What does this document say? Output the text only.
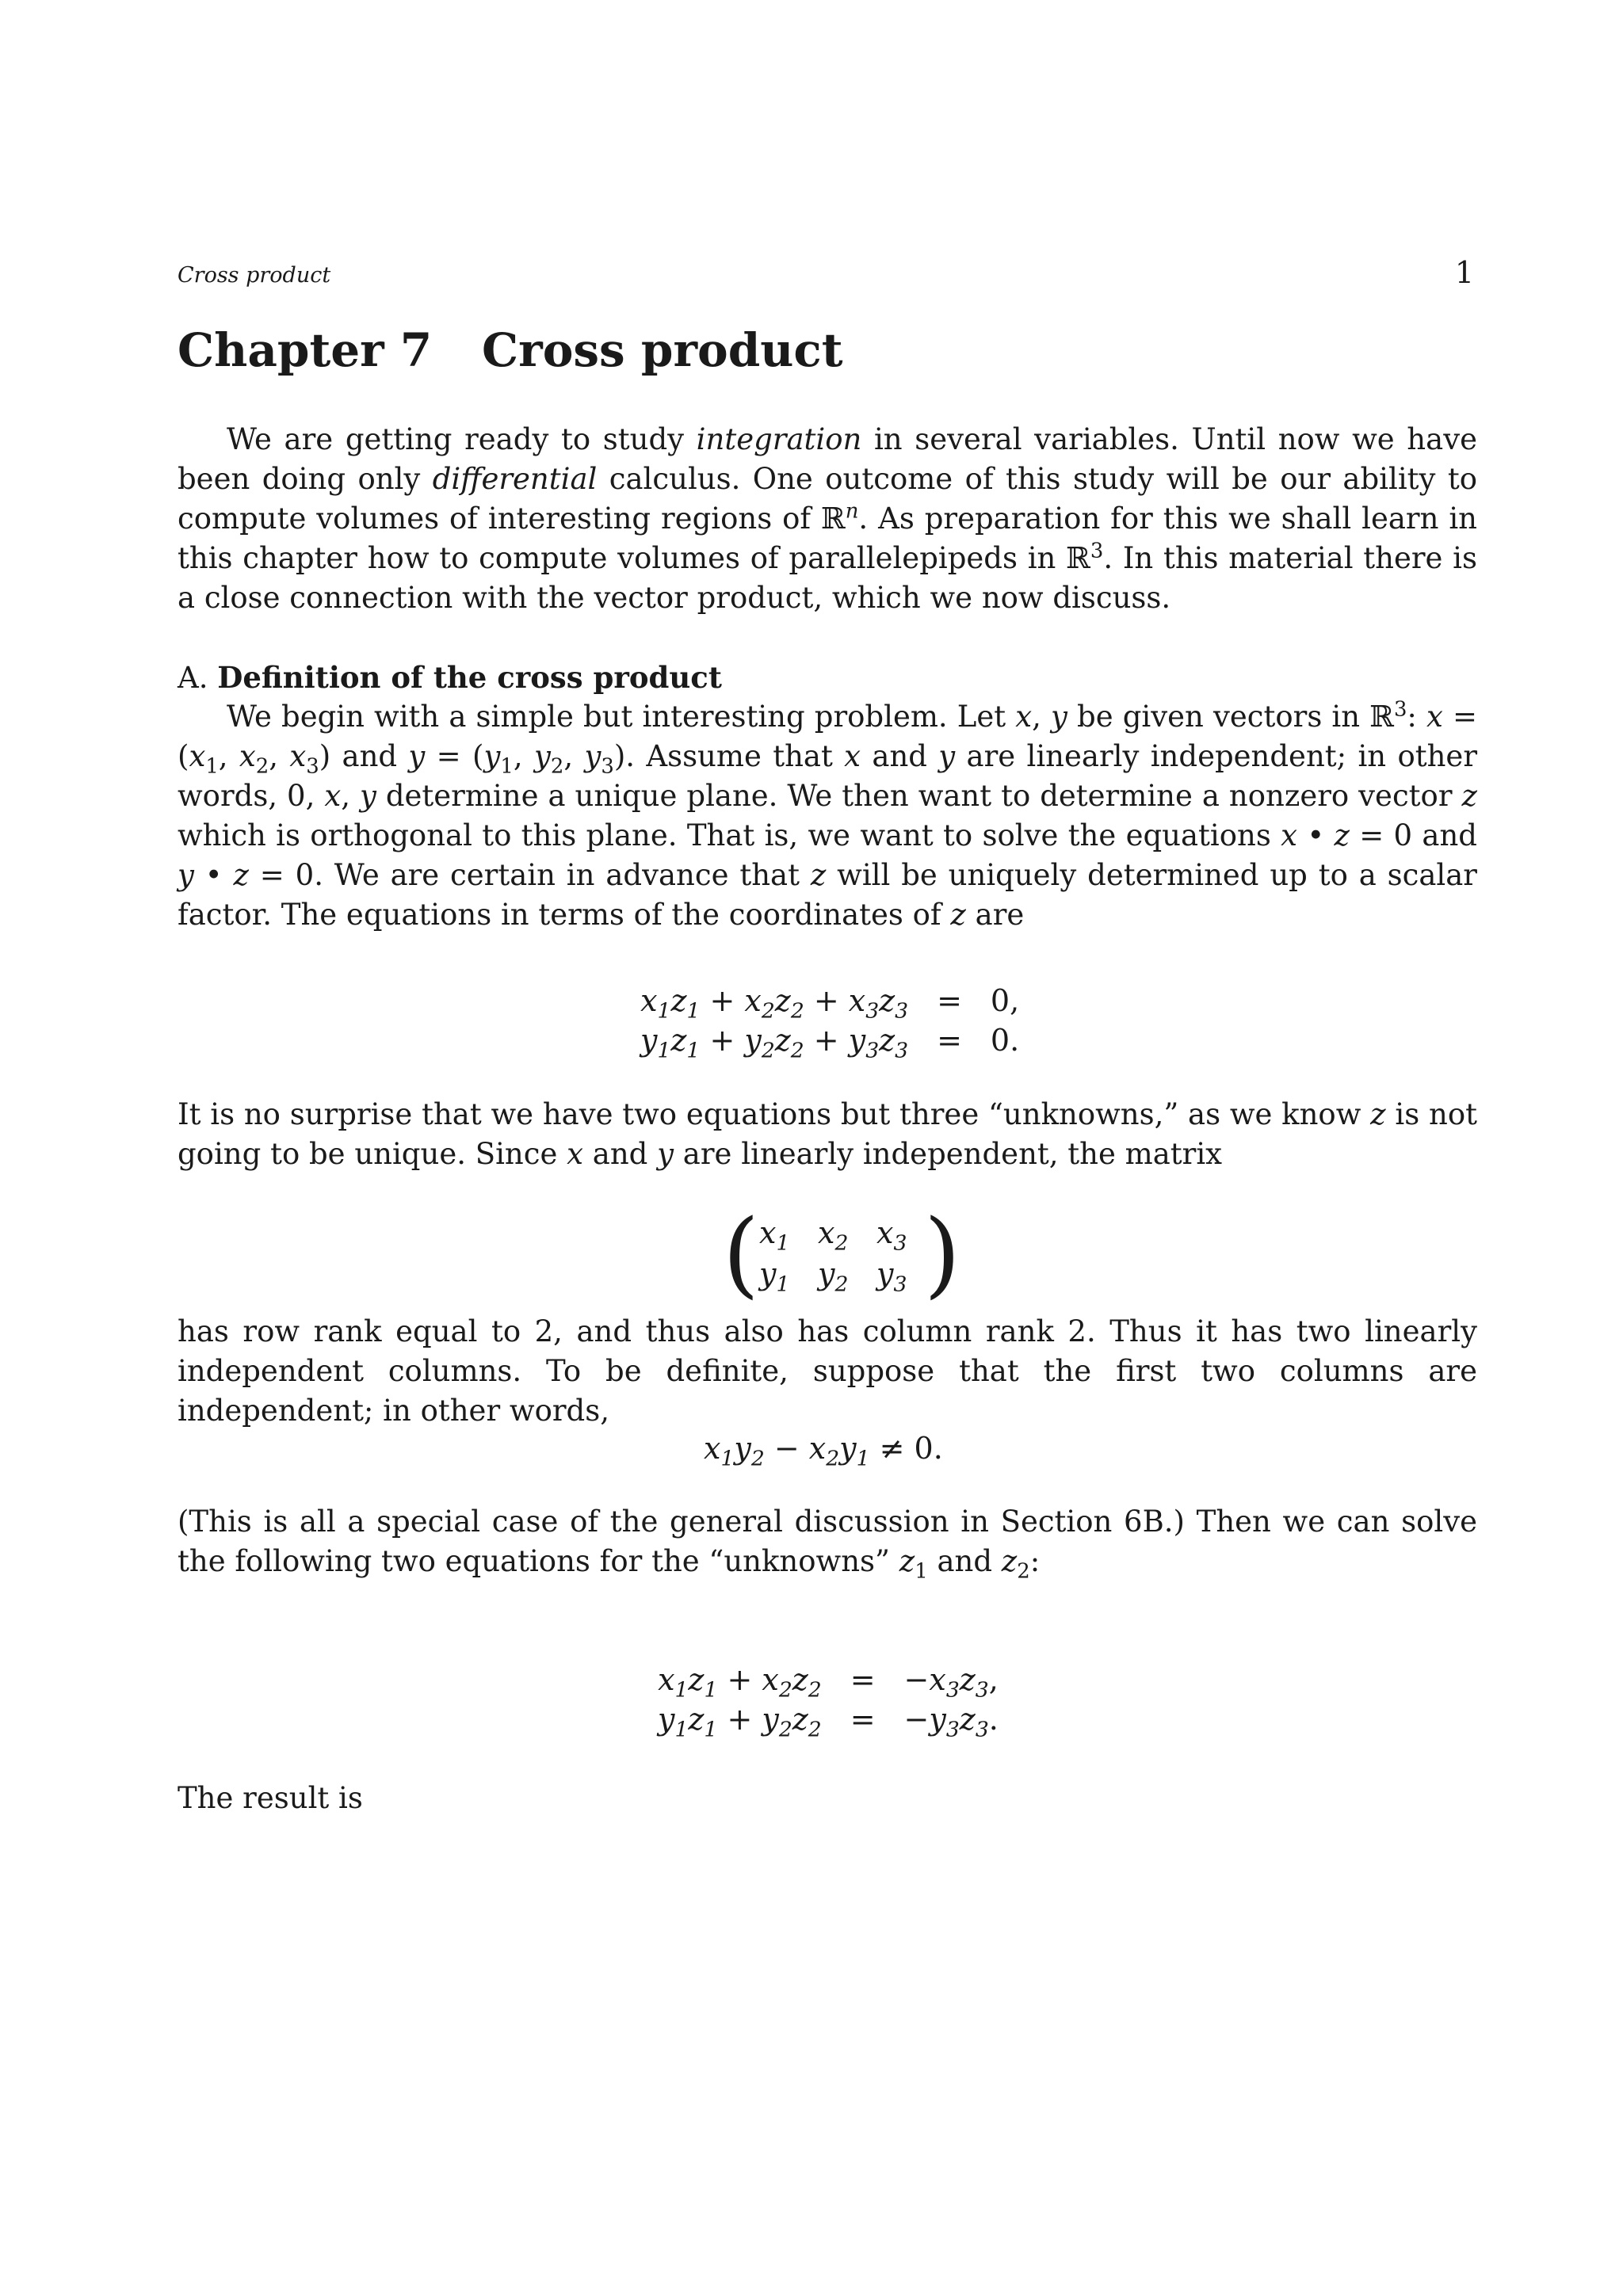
Cross product	1
Chapter 7 Cross product

We are getting ready to study integration in several variables. Until now we have been doing only differential calculus. One outcome of this study will be our ability to compute volumes of interesting regions of ℝ$^n$. As preparation for this we shall learn in this chapter how to compute volumes of parallelepipeds in ℝ$^3$. In this material there is a close connection with the vector product, which we now discuss.

A. Definition of the cross product

We begin with a simple but interesting problem. Let x, y be given vectors in ℝ$^3$: $x = (x_1$, $x_2$, $x_3$) and $y = (y_1$, $y_2$, $y_3$). Assume that x and y are linearly independent; in other words, 0, x, y determine a unique plane. We then want to determine a nonzero vector z which is orthogonal to this plane. That is, we want to solve the equations x • z = 0 and y • z = 0. We are certain in advance that z will be uniquely determined up to a scalar factor. The equations in terms of the coordinates of z are

$x_1z_1 + x_2z_2 + x_3z_3$	=	0,
$y_1z_1 + y_2z_2 + y_3z_3$	=	0.

It is no surprise that we have two equations but three “unknowns,” as we know z is not going to be unique. Since x and y are linearly independent, the matrix

( $x_1$ $x_2$ $x_3$
$y_1$ $y_2$ $y_3$ )

has row rank equal to 2, and thus also has column rank 2. Thus it has two linearly independent columns. To be definite, suppose that the first two columns are independent; in other words,

$x_1y_2 - x_2y_1 \ne 0$.

(This is all a special case of the general discussion in Section 6B.) Then we can solve the following two equations for the “unknowns” $z_1$ and $z_2$:

$x_1z_1 + x_2z_2$	=	$-x_3z_3$,
$y_1z_1 + y_2z_2$	=	$-y_3z_3$.

The result is
